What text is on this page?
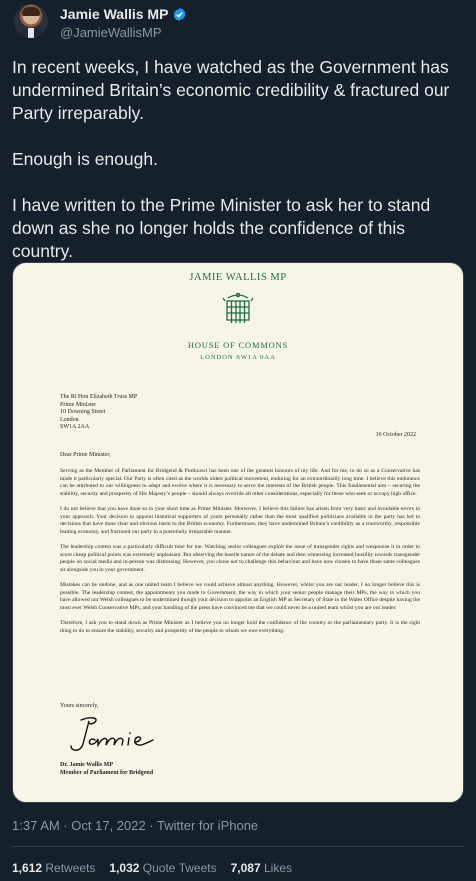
Jamie Wallis MP
@JamieWallisMP

In recent weeks, I have watched as the Government has undermined Britain’s economic credibility & fractured our Party irreparably.

Enough is enough.

I have written to the Prime Minister to ask her to stand down as she no longer holds the confidence of this country.

JAMIE WALLIS MP
HOUSE OF COMMONS
LONDON SW1A 0AA
The Rt Hon Elizabeth Truss MP
Prime Minister
10 Downing Street
London
SW1A 2AA
16 October 2022
Dear Prime Minister,

Serving as the Member of Parliament for Bridgend & Porthcawl has been one of the greatest honours of my life. And for me, to do so as a Conservative has made it particularly special. Our Party is often cited as the worlds oldest political movement, enduring for an extraordinarily long time. I believe this endurance can be attributed to our willingness to adapt and evolve where it is necessary to serve the interests of the British people. This fundamental aim – securing the stability, security and prosperity of His Majesty’s people – should always override all other considerations, especially for those who seek or occupy high office.

I do not believe that you have done so in your short time as Prime Minister. Moreover, I believe this failure has arisen from very basic and avoidable errors in your approach. Your decision to appoint historical supporters of yours personally rather than the most qualified politicians available in the party has led to decisions that have done clear and obvious harm to the British economy. Furthermore, they have undermined Britain’s credibility as a trustworthy, responsible leading economy, and fractured our party in a potentially irreparable manner.

The leadership contest was a particularly difficult time for me. Watching senior colleagues exploit the issue of transgender rights and weaponise it in order to score cheap political points was extremely unpleasant. But observing the hostile nature of the debate and then witnessing increased hostility towards transgender people on social media and in-person was distressing. However, you chose not to challenge this behaviour and have now chosen to have those same colleagues sit alongside you in your government.

Mistakes can be undone, and as one united team I believe we could achieve almost anything. However, whilst you are our leader, I no longer believe this is possible. The leadership contest, the appointments you made to Government, the way in which your senior people manage their MPs, the way in which you have allowed our Welsh colleagues to be undermined though your decision to appoint an English MP as Secretary of State in the Wales Office despite having the most ever Welsh Conservative MPs, and your handling of the press have convinced me that we could never be a united team whilst you are our leader.

Therefore, I ask you to stand down as Prime Minister as I believe you no longer hold the confidence of the country or the parliamentary party. It is the right thing to do to ensure the stability, security and prosperity of the people to whom we owe everything.

Yours sincerely,
Dr. Jamie Wallis MP
Member of Parliament for Bridgend
1:37 AM · Oct 17, 2022 · Twitter for iPhone
1,612 Retweets 1,032 Quote Tweets 7,087 Likes
